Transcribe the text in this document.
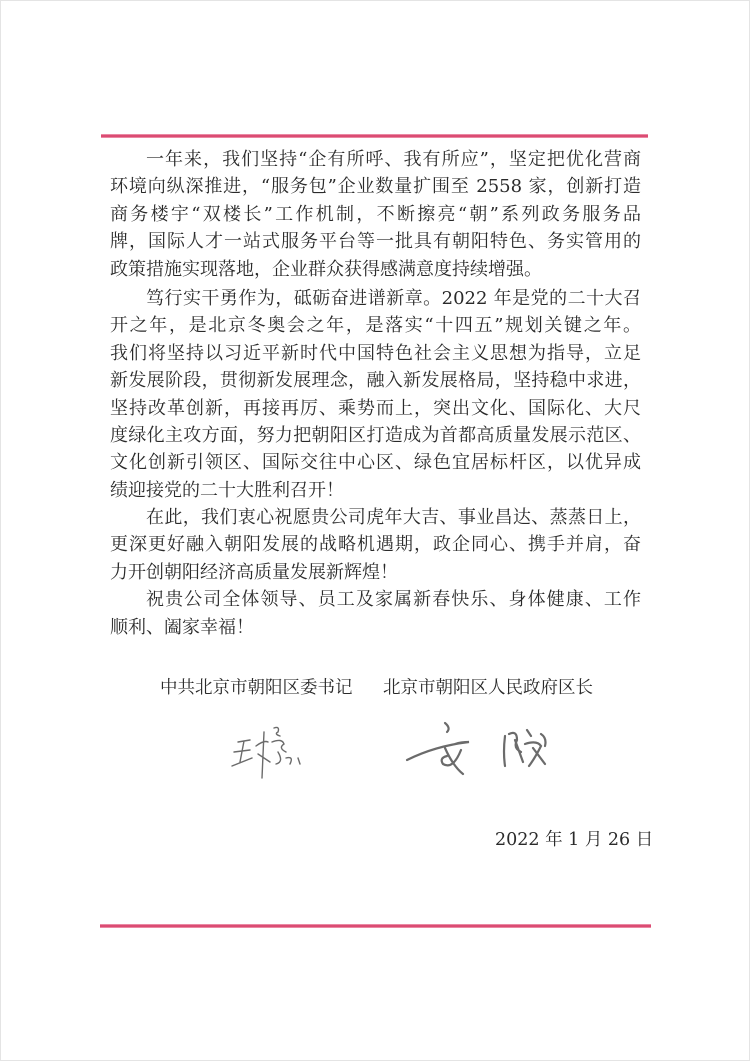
一年来，我们坚持“企有所呼、我有所应”，坚定把优化营商
环境向纵深推进，“服务包”企业数量扩围至 2558 家，创新打造
商务楼宇“双楼长”工作机制，不断擦亮“朝”系列政务服务品
牌，国际人才一站式服务平台等一批具有朝阳特色、务实管用的
政策措施实现落地，企业群众获得感满意度持续增强。
笃行实干勇作为，砥砺奋进谱新章。2022 年是党的二十大召
开之年，是北京冬奥会之年，是落实“十四五”规划关键之年。
我们将坚持以习近平新时代中国特色社会主义思想为指导，立足
新发展阶段，贯彻新发展理念，融入新发展格局，坚持稳中求进，
坚持改革创新，再接再厉、乘势而上，突出文化、国际化、大尺
度绿化主攻方面，努力把朝阳区打造成为首都高质量发展示范区、
文化创新引领区、国际交往中心区、绿色宜居标杆区，以优异成
绩迎接党的二十大胜利召开！
在此，我们衷心祝愿贵公司虎年大吉、事业昌达、蒸蒸日上，
更深更好融入朝阳发展的战略机遇期，政企同心、携手并肩，奋
力开创朝阳经济高质量发展新辉煌！
祝贵公司全体领导、员工及家属新春快乐、身体健康、工作
顺利、阖家幸福！
中共北京市朝阳区委书记 北京市朝阳区人民政府区长
2022 年 1 月 26 日
